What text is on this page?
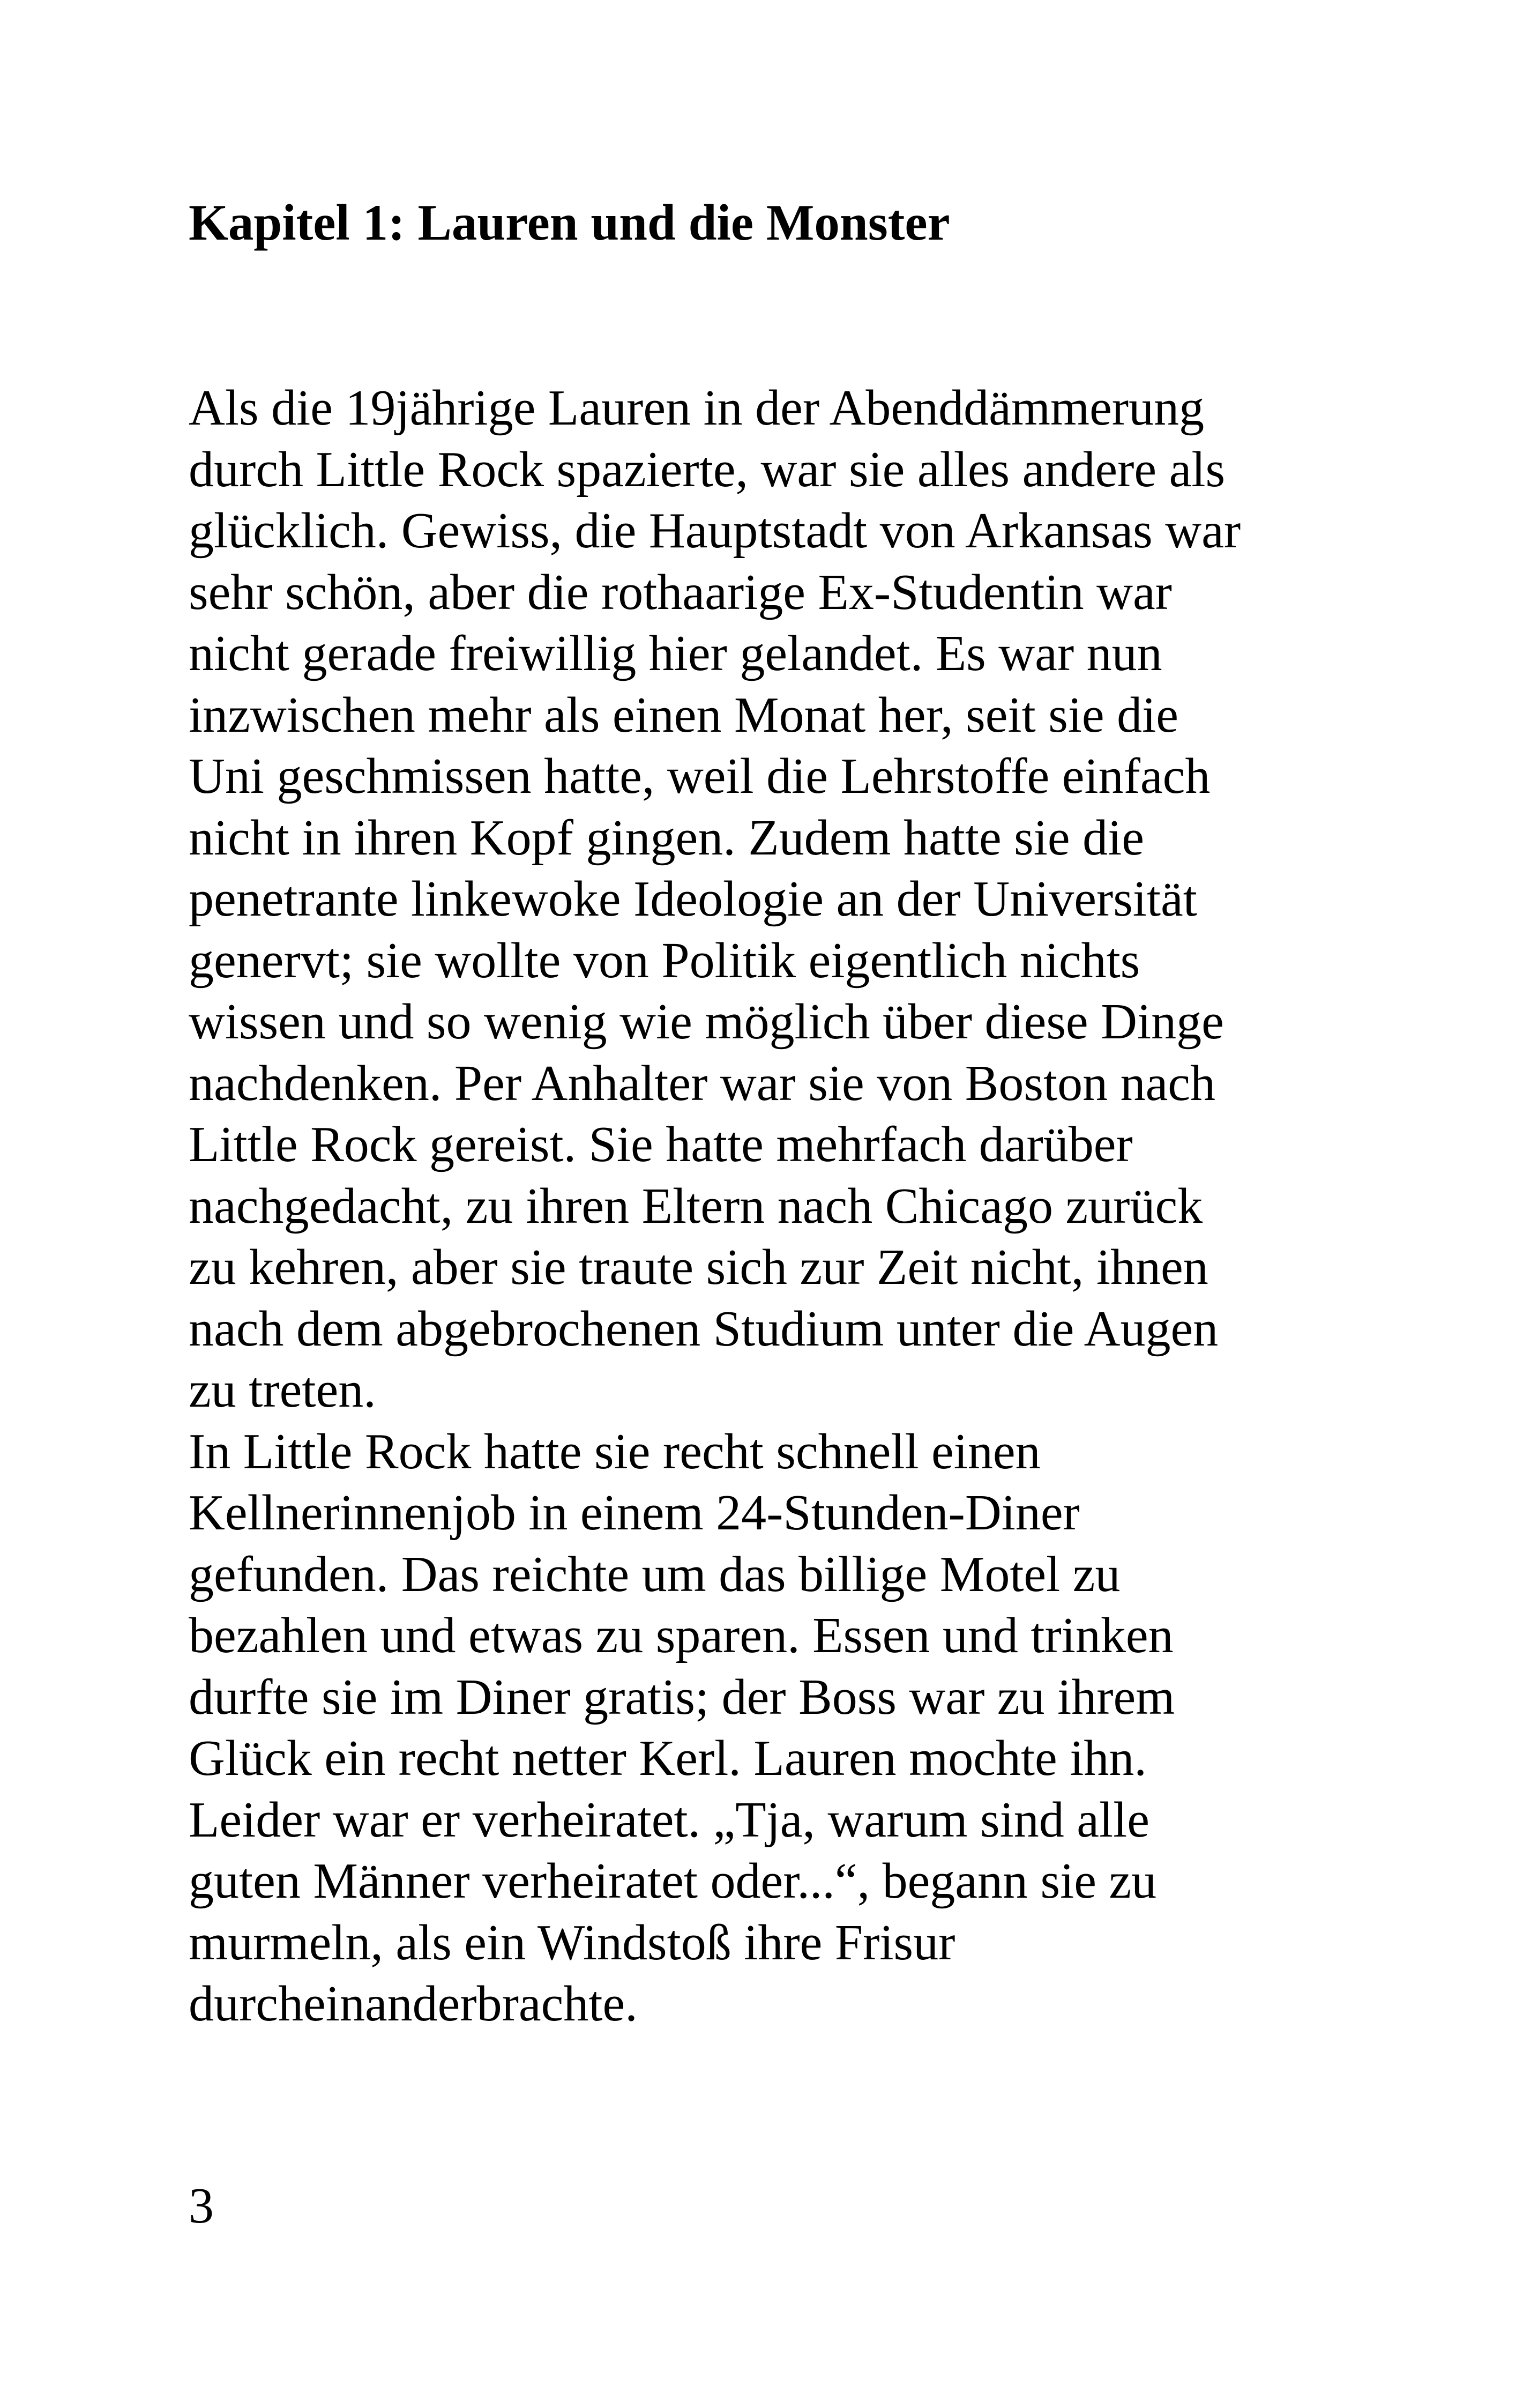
Kapitel 1: Lauren und die Monster
Als die 19jährige Lauren in der Abenddämmerung
durch Little Rock spazierte, war sie alles andere als
glücklich. Gewiss, die Hauptstadt von Arkansas war
sehr schön, aber die rothaarige Ex-Studentin war
nicht gerade freiwillig hier gelandet. Es war nun
inzwischen mehr als einen Monat her, seit sie die
Uni geschmissen hatte, weil die Lehrstoffe einfach
nicht in ihren Kopf gingen. Zudem hatte sie die
penetrante linkewoke Ideologie an der Universität
genervt; sie wollte von Politik eigentlich nichts
wissen und so wenig wie möglich über diese Dinge
nachdenken. Per Anhalter war sie von Boston nach
Little Rock gereist. Sie hatte mehrfach darüber
nachgedacht, zu ihren Eltern nach Chicago zurück
zu kehren, aber sie traute sich zur Zeit nicht, ihnen
nach dem abgebrochenen Studium unter die Augen
zu treten.
In Little Rock hatte sie recht schnell einen
Kellnerinnenjob in einem 24-Stunden-Diner
gefunden. Das reichte um das billige Motel zu
bezahlen und etwas zu sparen. Essen und trinken
durfte sie im Diner gratis; der Boss war zu ihrem
Glück ein recht netter Kerl. Lauren mochte ihn.
Leider war er verheiratet. „Tja, warum sind alle
guten Männer verheiratet oder...“, begann sie zu
murmeln, als ein Windstoß ihre Frisur
durcheinanderbrachte.
3
